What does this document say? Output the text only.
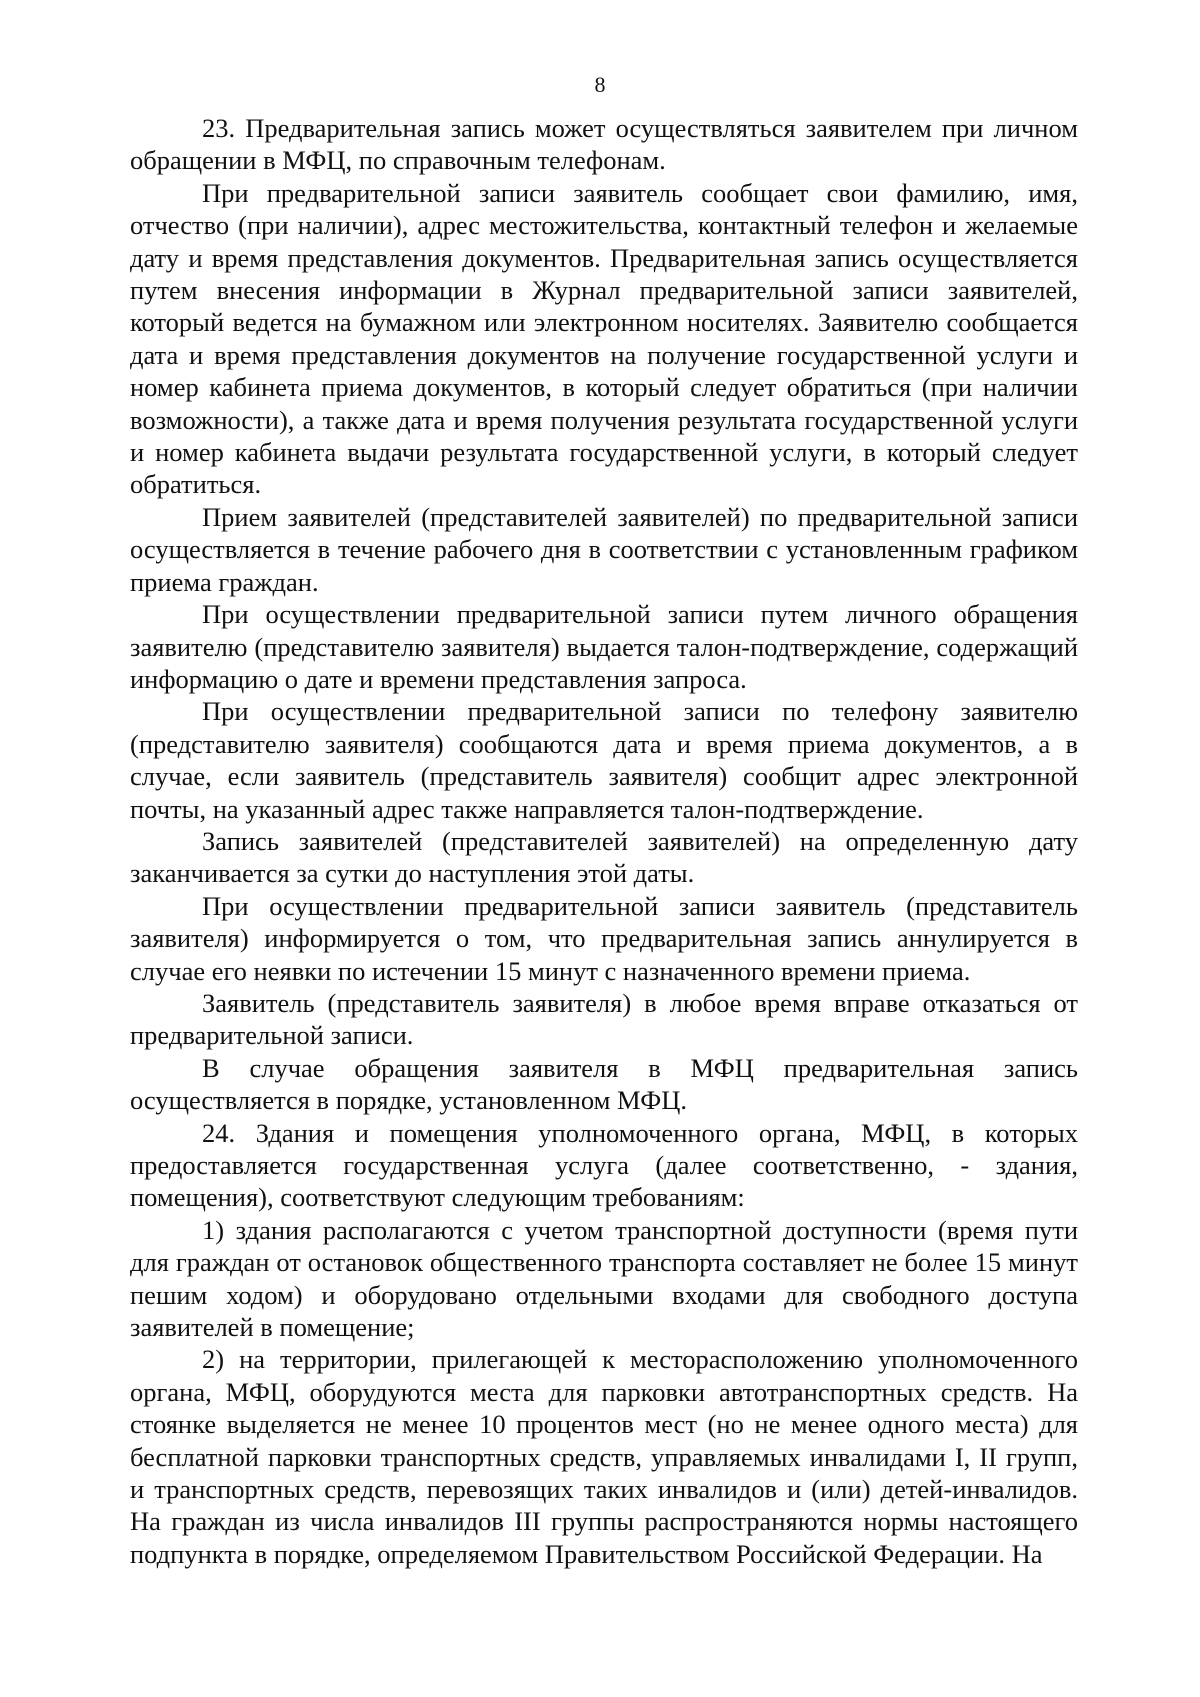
8

23. Предварительная запись может осуществляться заявителем при личном обращении в МФЦ, по справочным телефонам.

При предварительной записи заявитель сообщает свои фамилию, имя, отчество (при наличии), адрес местожительства, контактный телефон и желаемые дату и время представления документов. Предварительная запись осуществляется путем внесения информации в Журнал предварительной записи заявителей, который ведется на бумажном или электронном носителях. Заявителю сообщается дата и время представления документов на получение государственной услуги и номер кабинета приема документов, в который следует обратиться (при наличии возможности), а также дата и время получения результата государственной услуги и номер кабинета выдачи результата государственной услуги, в который следует обратиться.

Прием заявителей (представителей заявителей) по предварительной записи осуществляется в течение рабочего дня в соответствии с установленным графиком приема граждан.

При осуществлении предварительной записи путем личного обращения заявителю (представителю заявителя) выдается талон-подтверждение, содержащий информацию о дате и времени представления запроса.

При осуществлении предварительной записи по телефону заявителю (представителю заявителя) сообщаются дата и время приема документов, а в случае, если заявитель (представитель заявителя) сообщит адрес электронной почты, на указанный адрес также направляется талон-подтверждение.

Запись заявителей (представителей заявителей) на определенную дату заканчивается за сутки до наступления этой даты.

При осуществлении предварительной записи заявитель (представитель заявителя) информируется о том, что предварительная запись аннулируется в случае его неявки по истечении 15 минут с назначенного времени приема.

Заявитель (представитель заявителя) в любое время вправе отказаться от предварительной записи.

В случае обращения заявителя в МФЦ предварительная запись осуществляется в порядке, установленном МФЦ.

24. Здания и помещения уполномоченного органа, МФЦ, в которых предоставляется государственная услуга (далее соответственно, - здания, помещения), соответствуют следующим требованиям:

1) здания располагаются с учетом транспортной доступности (время пути для граждан от остановок общественного транспорта составляет не более 15 минут пешим ходом) и оборудовано отдельными входами для свободного доступа заявителей в помещение;

2) на территории, прилегающей к месторасположению уполномоченного органа, МФЦ, оборудуются места для парковки автотранспортных средств. На стоянке выделяется не менее 10 процентов мест (но не менее одного места) для бесплатной парковки транспортных средств, управляемых инвалидами I, II групп, и транспортных средств, перевозящих таких инвалидов и (или) детей-инвалидов. На граждан из числа инвалидов III группы распространяются нормы настоящего подпункта в порядке, определяемом Правительством Российской Федерации. На
